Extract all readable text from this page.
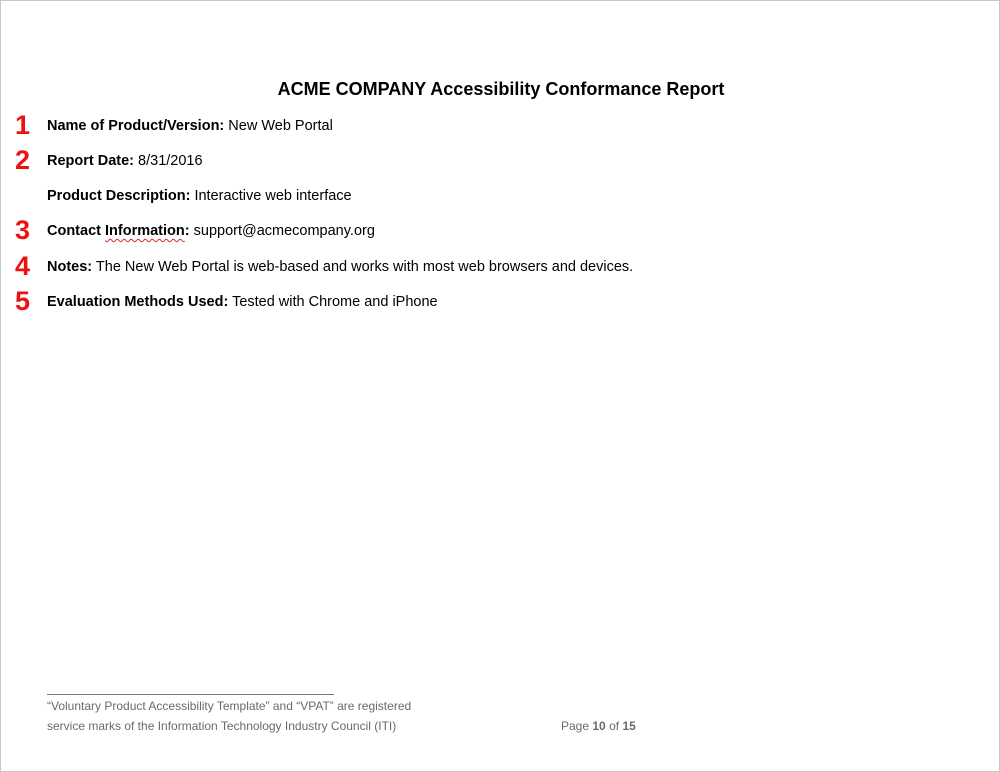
ACME COMPANY Accessibility Conformance Report
1	Name of Product/Version: New Web Portal
2	Report Date: 8/31/2016
Product Description: Interactive web interface
3	Contact Information: support@acmecompany.org
4	Notes: The New Web Portal is web-based and works with most web browsers and devices.
5	Evaluation Methods Used: Tested with Chrome and iPhone
“Voluntary Product Accessibility Template” and “VPAT” are registered
service marks of the Information Technology Industry Council (ITI)	Page 10 of 15
